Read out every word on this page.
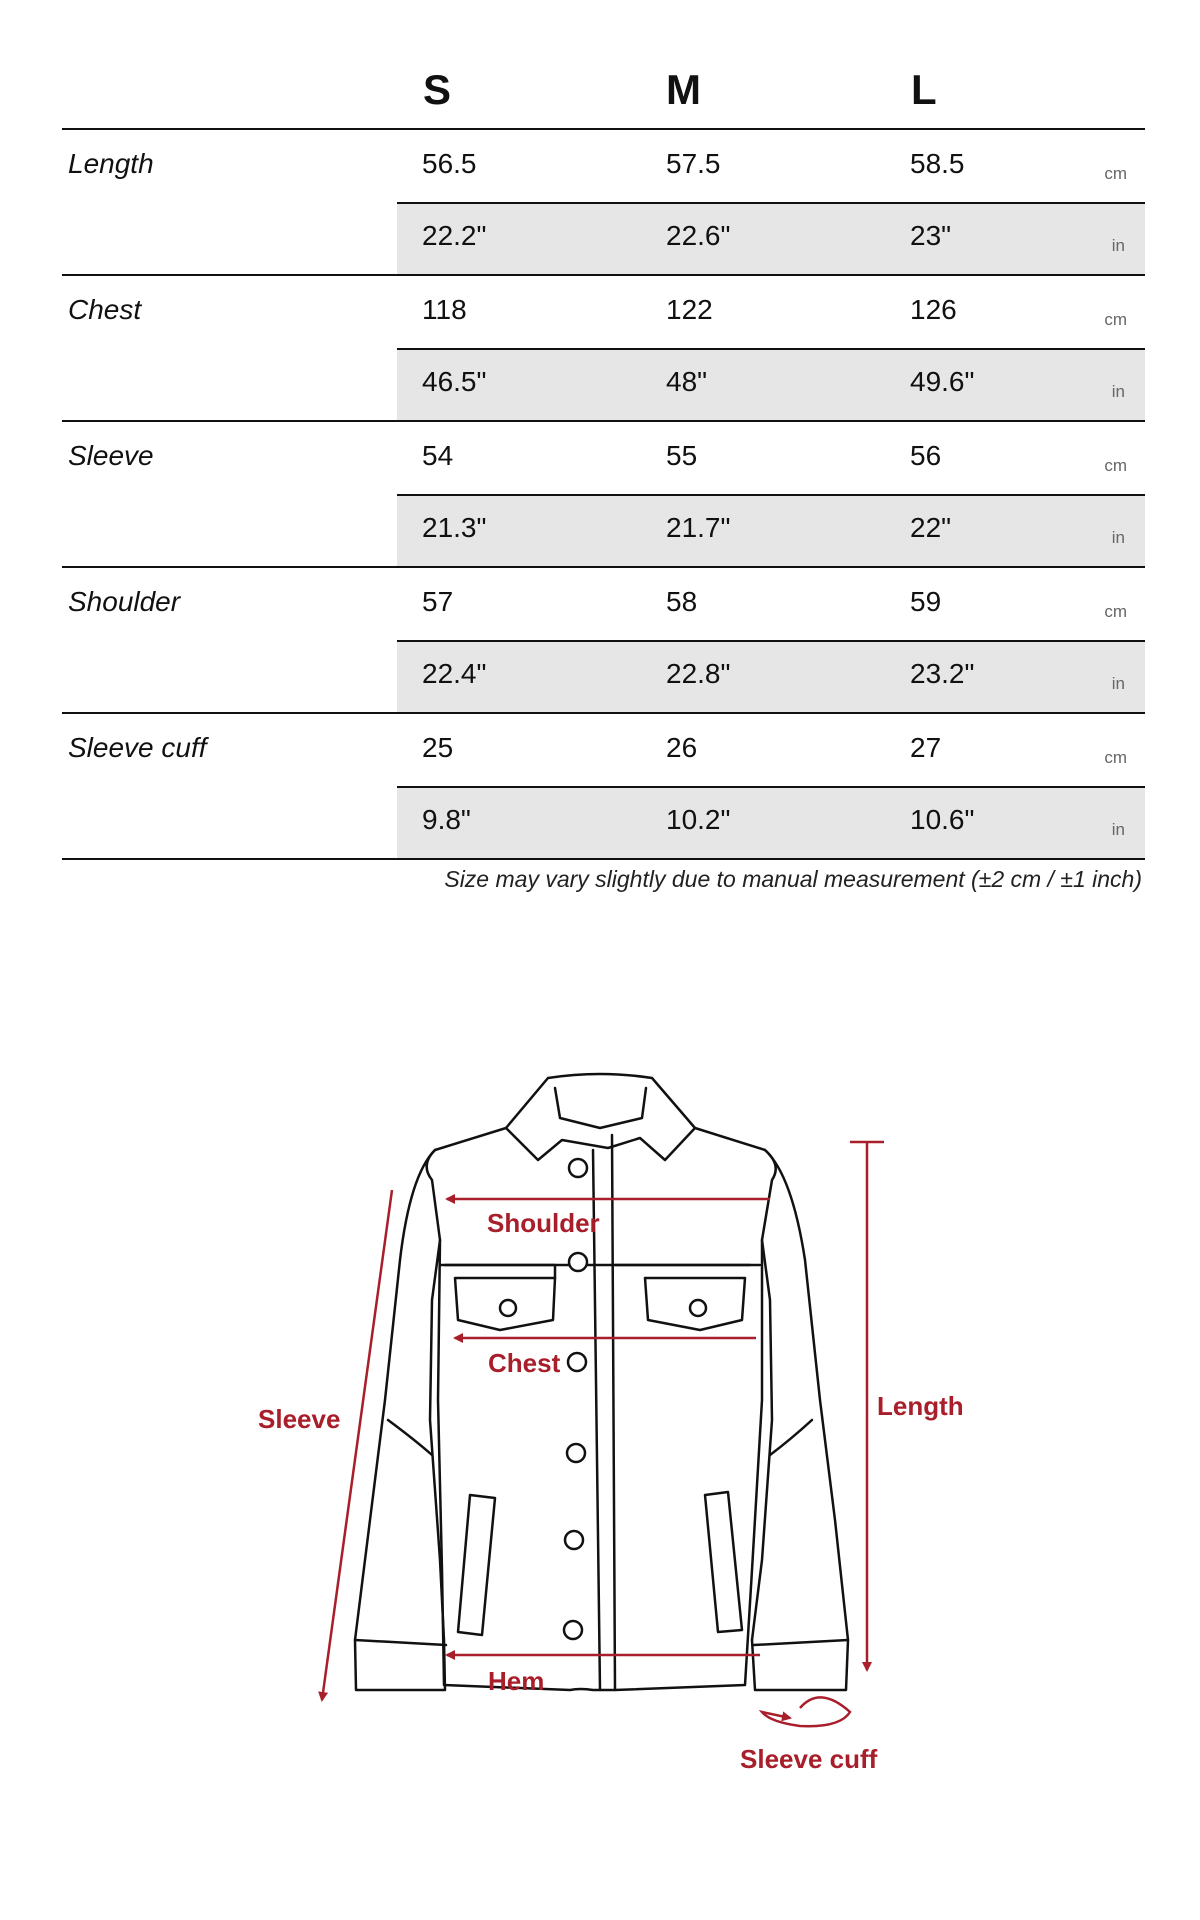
S	M	L
Length	56.5	57.5	58.5	cm
22.2"	22.6"	23"	in
Chest	118	122	126	cm
46.5"	48"	49.6"	in
Sleeve	54	55	56	cm
21.3"	21.7"	22"	in
Shoulder	57	58	59	cm
22.4"	22.8"	23.2"	in
Sleeve cuff	25	26	27	cm
9.8"	10.2"	10.6"	in
Size may vary slightly due to manual measurement (±2 cm / ±1 inch)
Shoulder
Chest
Sleeve	Length
Hem
Sleeve cuff
